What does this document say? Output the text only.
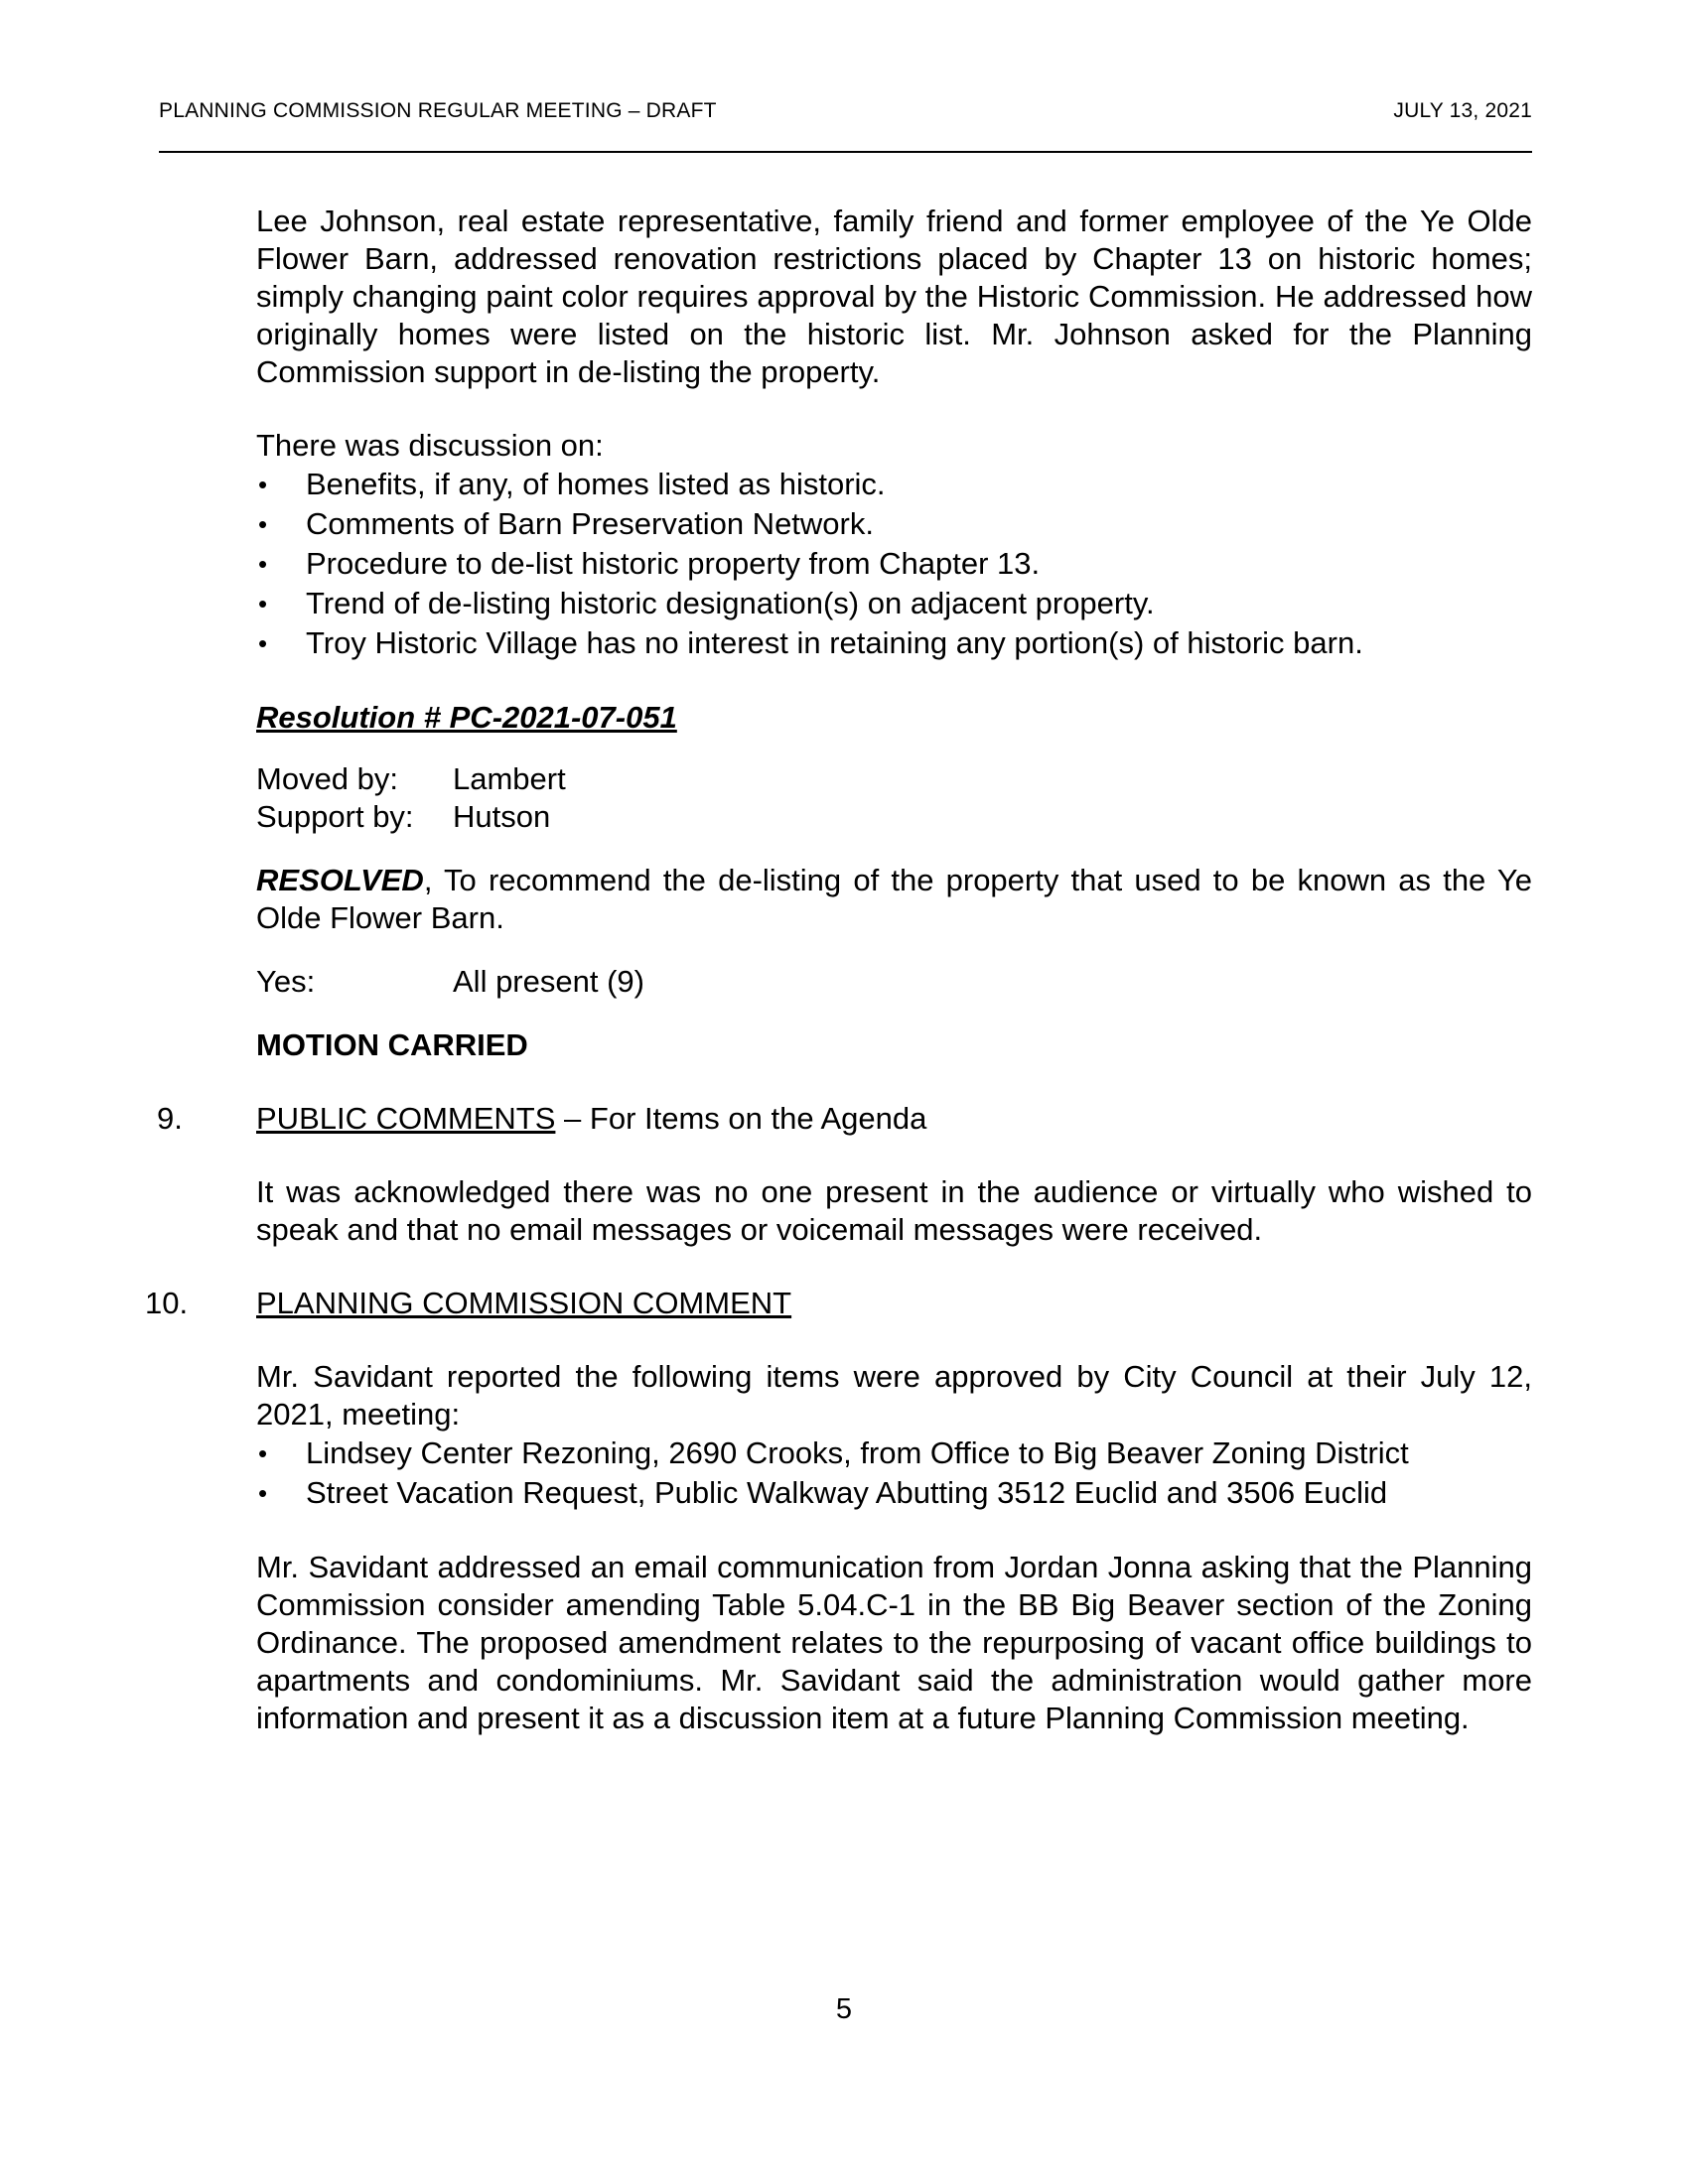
PLANNING COMMISSION REGULAR MEETING – DRAFT	JULY 13, 2021

Lee Johnson, real estate representative, family friend and former employee of the Ye Olde Flower Barn, addressed renovation restrictions placed by Chapter 13 on historic homes; simply changing paint color requires approval by the Historic Commission. He addressed how originally homes were listed on the historic list. Mr. Johnson asked for the Planning Commission support in de-listing the property.

There was discussion on:

• Benefits, if any, of homes listed as historic.
• Comments of Barn Preservation Network.
• Procedure to de-list historic property from Chapter 13.
• Trend of de-listing historic designation(s) on adjacent property.
• Troy Historic Village has no interest in retaining any portion(s) of historic barn.

Resolution # PC-2021-07-051

Moved by:	Lambert
Support by:	Hutson

RESOLVED, To recommend the de-listing of the property that used to be known as the Ye Olde Flower Barn.

Yes:	All present (9)

MOTION CARRIED

9.	PUBLIC COMMENTS – For Items on the Agenda

It was acknowledged there was no one present in the audience or virtually who wished to speak and that no email messages or voicemail messages were received.

10.	PLANNING COMMISSION COMMENT

Mr. Savidant reported the following items were approved by City Council at their July 12, 2021, meeting:

• Lindsey Center Rezoning, 2690 Crooks, from Office to Big Beaver Zoning District
• Street Vacation Request, Public Walkway Abutting 3512 Euclid and 3506 Euclid

Mr. Savidant addressed an email communication from Jordan Jonna asking that the Planning Commission consider amending Table 5.04.C-1 in the BB Big Beaver section of the Zoning Ordinance. The proposed amendment relates to the repurposing of vacant office buildings to apartments and condominiums. Mr. Savidant said the administration would gather more information and present it as a discussion item at a future Planning Commission meeting.

5
